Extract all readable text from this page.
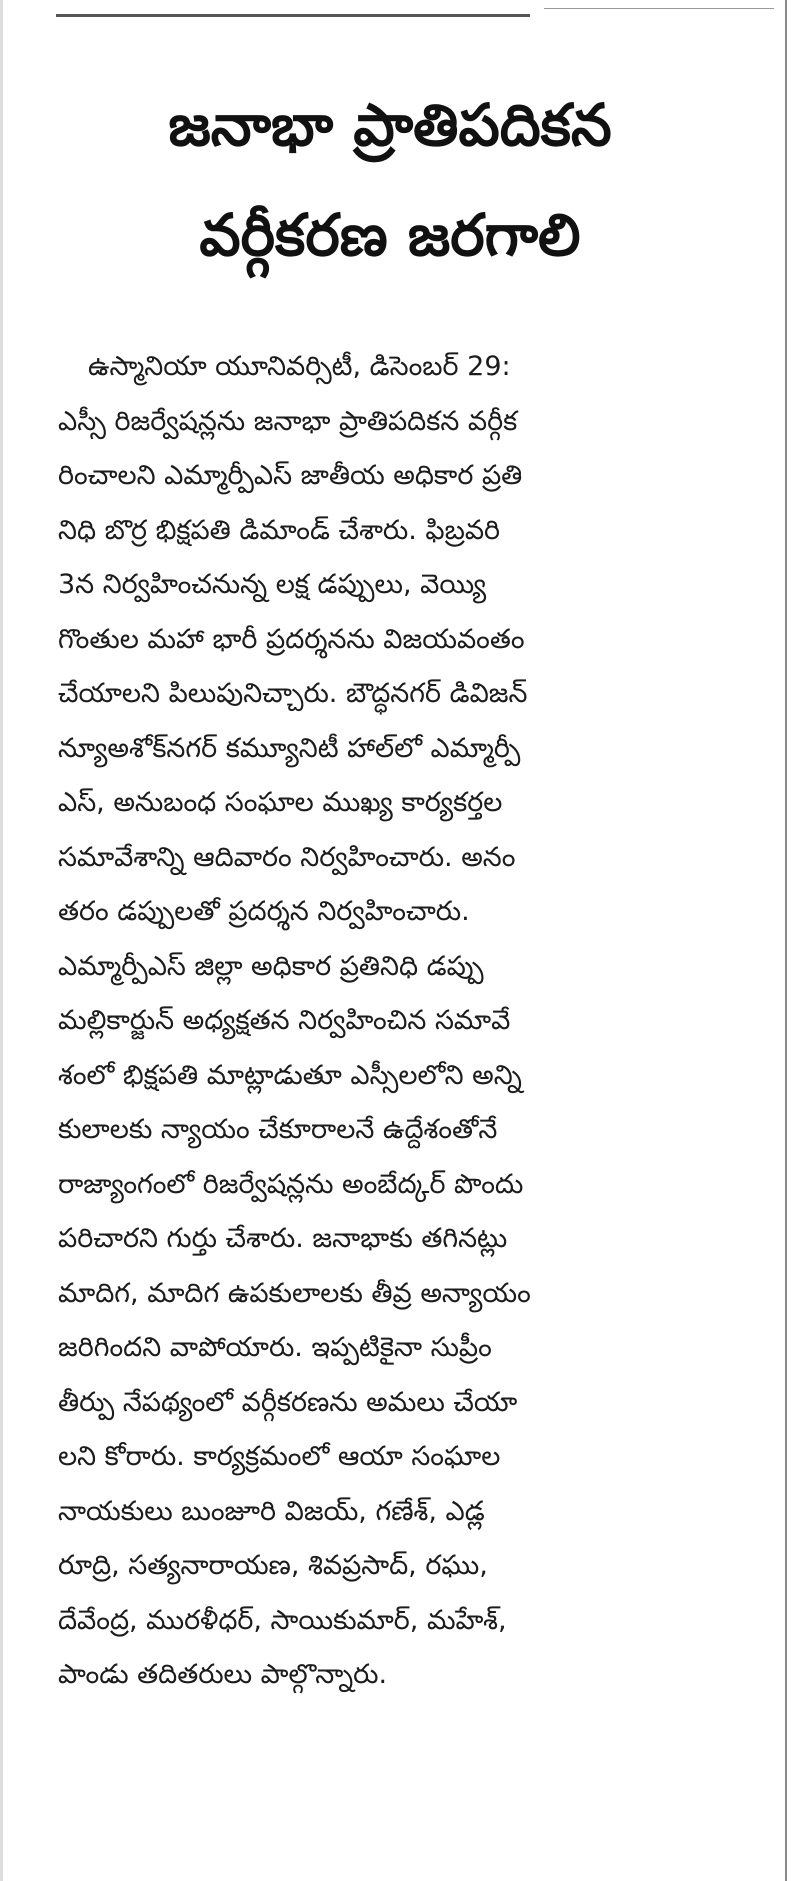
జనాభా ప్రాతిపదికన
వర్గీకరణ జరగాలి
ఉస్మానియా యూనివర్సిటీ, డిసెంబర్ 29:
ఎస్సీ రిజర్వేషన్లను జనాభా ప్రాతిపదికన వర్గీక
రించాలని ఎమ్మార్పీఎస్ జాతీయ అధికార ప్రతి
నిధి బొర్ర భిక్షపతి డిమాండ్ చేశారు. ఫిబ్రవరి
3న నిర్వహించనున్న లక్ష డప్పులు, వెయ్యి
గొంతుల మహా భారీ ప్రదర్శనను విజయవంతం
చేయాలని పిలుపునిచ్చారు. బౌద్ధనగర్ డివిజన్
న్యూఅశోక్‌నగర్ కమ్యూనిటీ హాల్‌లో ఎమ్మార్పీ
ఎస్, అనుబంధ సంఘాల ముఖ్య కార్యకర్తల
సమావేశాన్ని ఆదివారం నిర్వహించారు. అనం
తరం డప్పులతో ప్రదర్శన నిర్వహించారు.
ఎమ్మార్పీఎస్ జిల్లా అధికార ప్రతినిధి డప్పు
మల్లికార్జున్ అధ్యక్షతన నిర్వహించిన సమావే
శంలో భిక్షపతి మాట్లాడుతూ ఎస్సీలలోని అన్ని
కులాలకు న్యాయం చేకూరాలనే ఉద్దేశంతోనే
రాజ్యాంగంలో రిజర్వేషన్లను అంబేద్కర్ పొందు
పరిచారని గుర్తు చేశారు. జనాభాకు తగినట్లు
మాదిగ, మాదిగ ఉపకులాలకు తీవ్ర అన్యాయం
జరిగిందని వాపోయారు. ఇప్పటికైనా సుప్రీం
తీర్పు నేపథ్యంలో వర్గీకరణను అమలు చేయా
లని కోరారు. కార్యక్రమంలో ఆయా సంఘాల
నాయకులు బుంజూరి విజయ్, గణేశ్, ఎడ్ల
రూద్రి, సత్యనారాయణ, శివప్రసాద్, రఘు,
దేవేంద్ర, మురళీధర్, సాయికుమార్, మహేశ్,
పాండు తదితరులు పాల్గొన్నారు.
